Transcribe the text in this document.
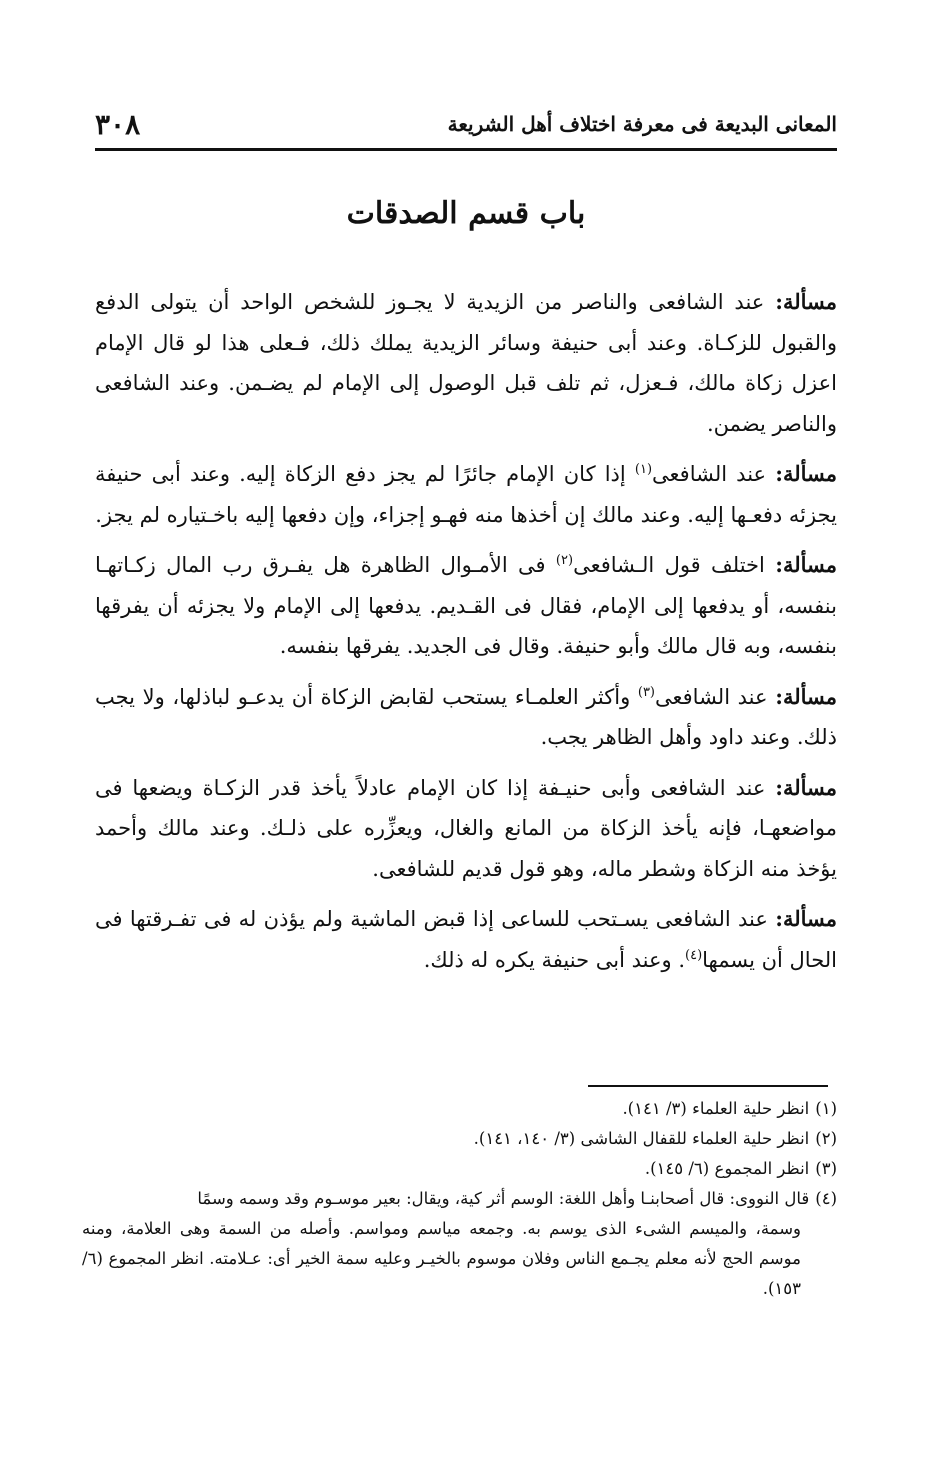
المعانى البديعة فى معرفة اختلاف أهل الشريعة
٣٠٨
باب قسم الصدقات

مسألة: عند الشافعى والناصر من الزيدية لا يجـوز للشخص الواحد أن يتولى الدفع والقبول للزكـاة. وعند أبى حنيفة وسائر الزيدية يملك ذلك، فـعلى هذا لو قال الإمام اعزل زكاة مالك، فـعزل، ثم تلف قبل الوصول إلى الإمام لم يضـمن. وعند الشافعى والناصر يضمن.

مسألة: عند الشافعى$^{(١)}$ إذا كان الإمام جائرًا لم يجز دفع الزكاة إليه. وعند أبى حنيفة يجزئه دفعـها إليه. وعند مالك إن أخذها منه فهـو إجزاء، وإن دفعها إليه باخـتياره لم يجز.

مسألة: اختلف قول الـشافعى$^{(٢)}$ فى الأمـوال الظاهرة هل يفـرق رب المال زكـاتهـا بنفسه، أو يدفعها إلى الإمام، فقال فى القـديم. يدفعها إلى الإمام ولا يجزئه أن يفرقها بنفسه، وبه قال مالك وأبو حنيفة. وقال فى الجديد. يفرقها بنفسه.

مسألة: عند الشافعى$^{(٣)}$ وأكثر العلمـاء يستحب لقابض الزكاة أن يدعـو لباذلها، ولا يجب ذلك. وعند داود وأهل الظاهر يجب.

مسألة: عند الشافعى وأبى حنيـفة إذا كان الإمام عادلاً يأخذ قدر الزكـاة ويضعها فى مواضعهـا، فإنه يأخذ الزكاة من المانع والغال، ويعزِّره على ذلـك. وعند مالك وأحمد يؤخذ منه الزكاة وشطر ماله، وهو قول قديم للشافعى.

مسألة: عند الشافعى يسـتحب للساعى إذا قبض الماشية ولم يؤذن له فى تفـرقتها فى الحال أن يسمها$^{(٤)}$. وعند أبى حنيفة يكره له ذلك.

(١)انظر حلية العلماء (٣/ ١٤١).

(٢)انظر حلية العلماء للقفال الشاشى (٣/ ١٤٠، ١٤١).

(٣)انظر المجموع (٦/ ١٤٥).

(٤)قال النووى: قال أصحابنـا وأهل اللغة: الوسم أثر كية، ويقال: بعير موسـوم وقد وسمه وسمًا
وسمة، والميسم الشىء الذى يوسم به. وجمعه مياسم ومواسم. وأصله من السمة وهى العلامة، ومنه موسم الحج لأنه معلم يجـمع الناس وفلان موسوم بالخيـر وعليه سمة الخير أى: عـلامته. انظر المجموع (٦/ ١٥٣).
